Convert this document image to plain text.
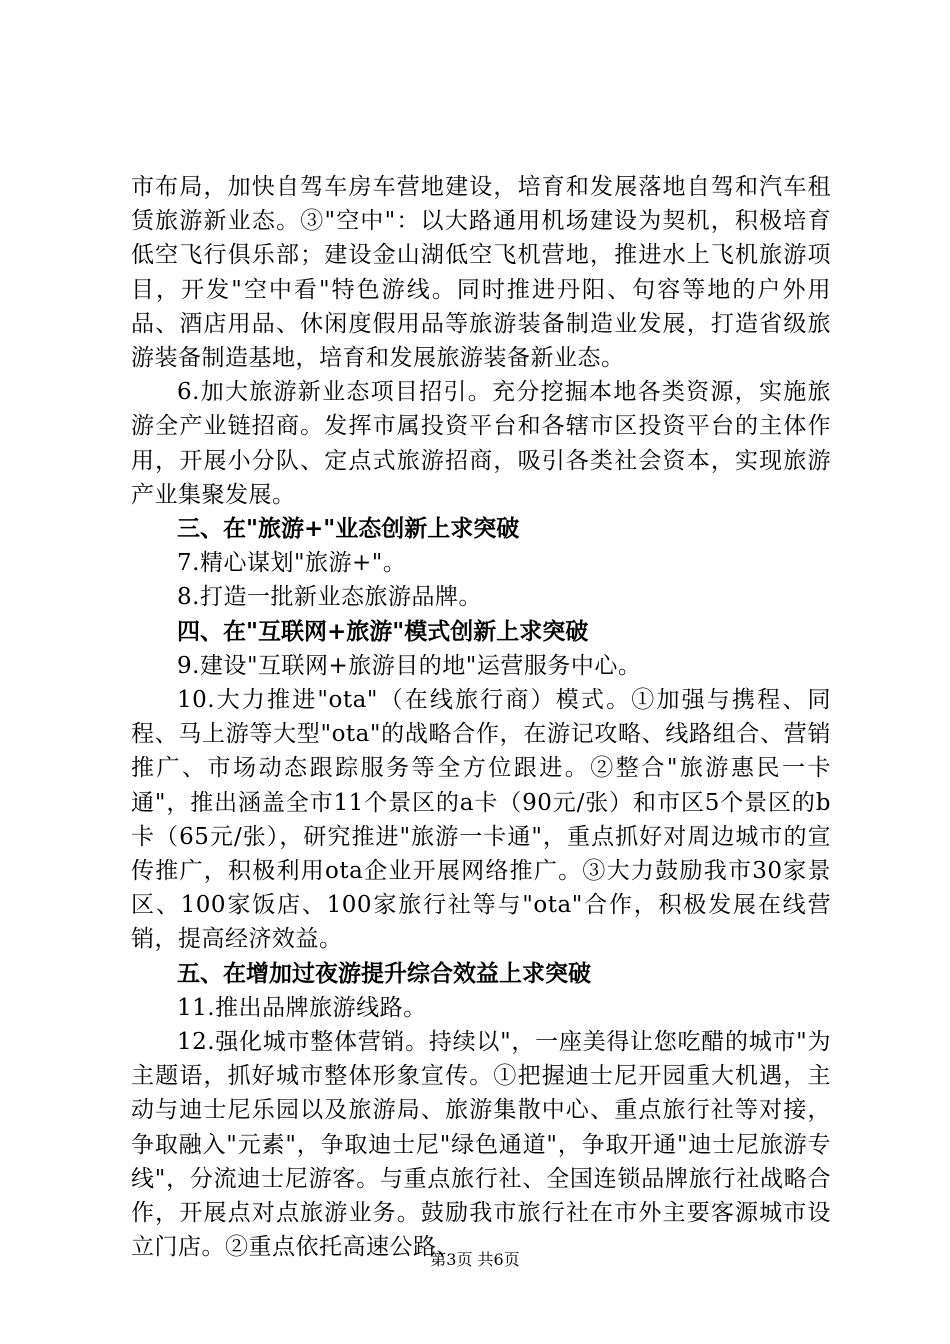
市布局，加快自驾车房车营地建设，培育和发展落地自驾和汽车租赁旅游新业态。③"空中"：以大路通用机场建设为契机，积极培育低空飞行俱乐部；建设金山湖低空飞机营地，推进水上飞机旅游项目，开发"空中看"特色游线。同时推进丹阳、句容等地的户外用品、酒店用品、休闲度假用品等旅游装备制造业发展，打造省级旅游装备制造基地，培育和发展旅游装备新业态。

6.加大旅游新业态项目招引。充分挖掘本地各类资源，实施旅游全产业链招商。发挥市属投资平台和各辖市区投资平台的主体作用，开展小分队、定点式旅游招商，吸引各类社会资本，实现旅游产业集聚发展。

三、在"旅游+"业态创新上求突破

7.精心谋划"旅游+"。

8.打造一批新业态旅游品牌。

四、在"互联网+旅游"模式创新上求突破

9.建设"互联网+旅游目的地"运营服务中心。

10.大力推进"ota"（在线旅行商）模式。①加强与携程、同程、马上游等大型"ota"的战略合作，在游记攻略、线路组合、营销推广、市场动态跟踪服务等全方位跟进。②整合"旅游惠民一卡通"，推出涵盖全市11个景区的a卡（90元/张）和市区5个景区的b卡（65元/张），研究推进"旅游一卡通"，重点抓好对周边城市的宣传推广，积极利用ota企业开展网络推广。③大力鼓励我市30家景区、100家饭店、100家旅行社等与"ota"合作，积极发展在线营销，提高经济效益。

五、在增加过夜游提升综合效益上求突破

11.推出品牌旅游线路。

12.强化城市整体营销。持续以"，一座美得让您吃醋的城市"为主题语，抓好城市整体形象宣传。①把握迪士尼开园重大机遇，主动与迪士尼乐园以及旅游局、旅游集散中心、重点旅行社等对接，争取融入"元素"，争取迪士尼"绿色通道"，争取开通"迪士尼旅游专线"，分流迪士尼游客。与重点旅行社、全国连锁品牌旅行社战略合作，开展点对点旅游业务。鼓励我市旅行社在市外主要客源城市设立门店。②重点依托高速公路、

第3页 共6页
